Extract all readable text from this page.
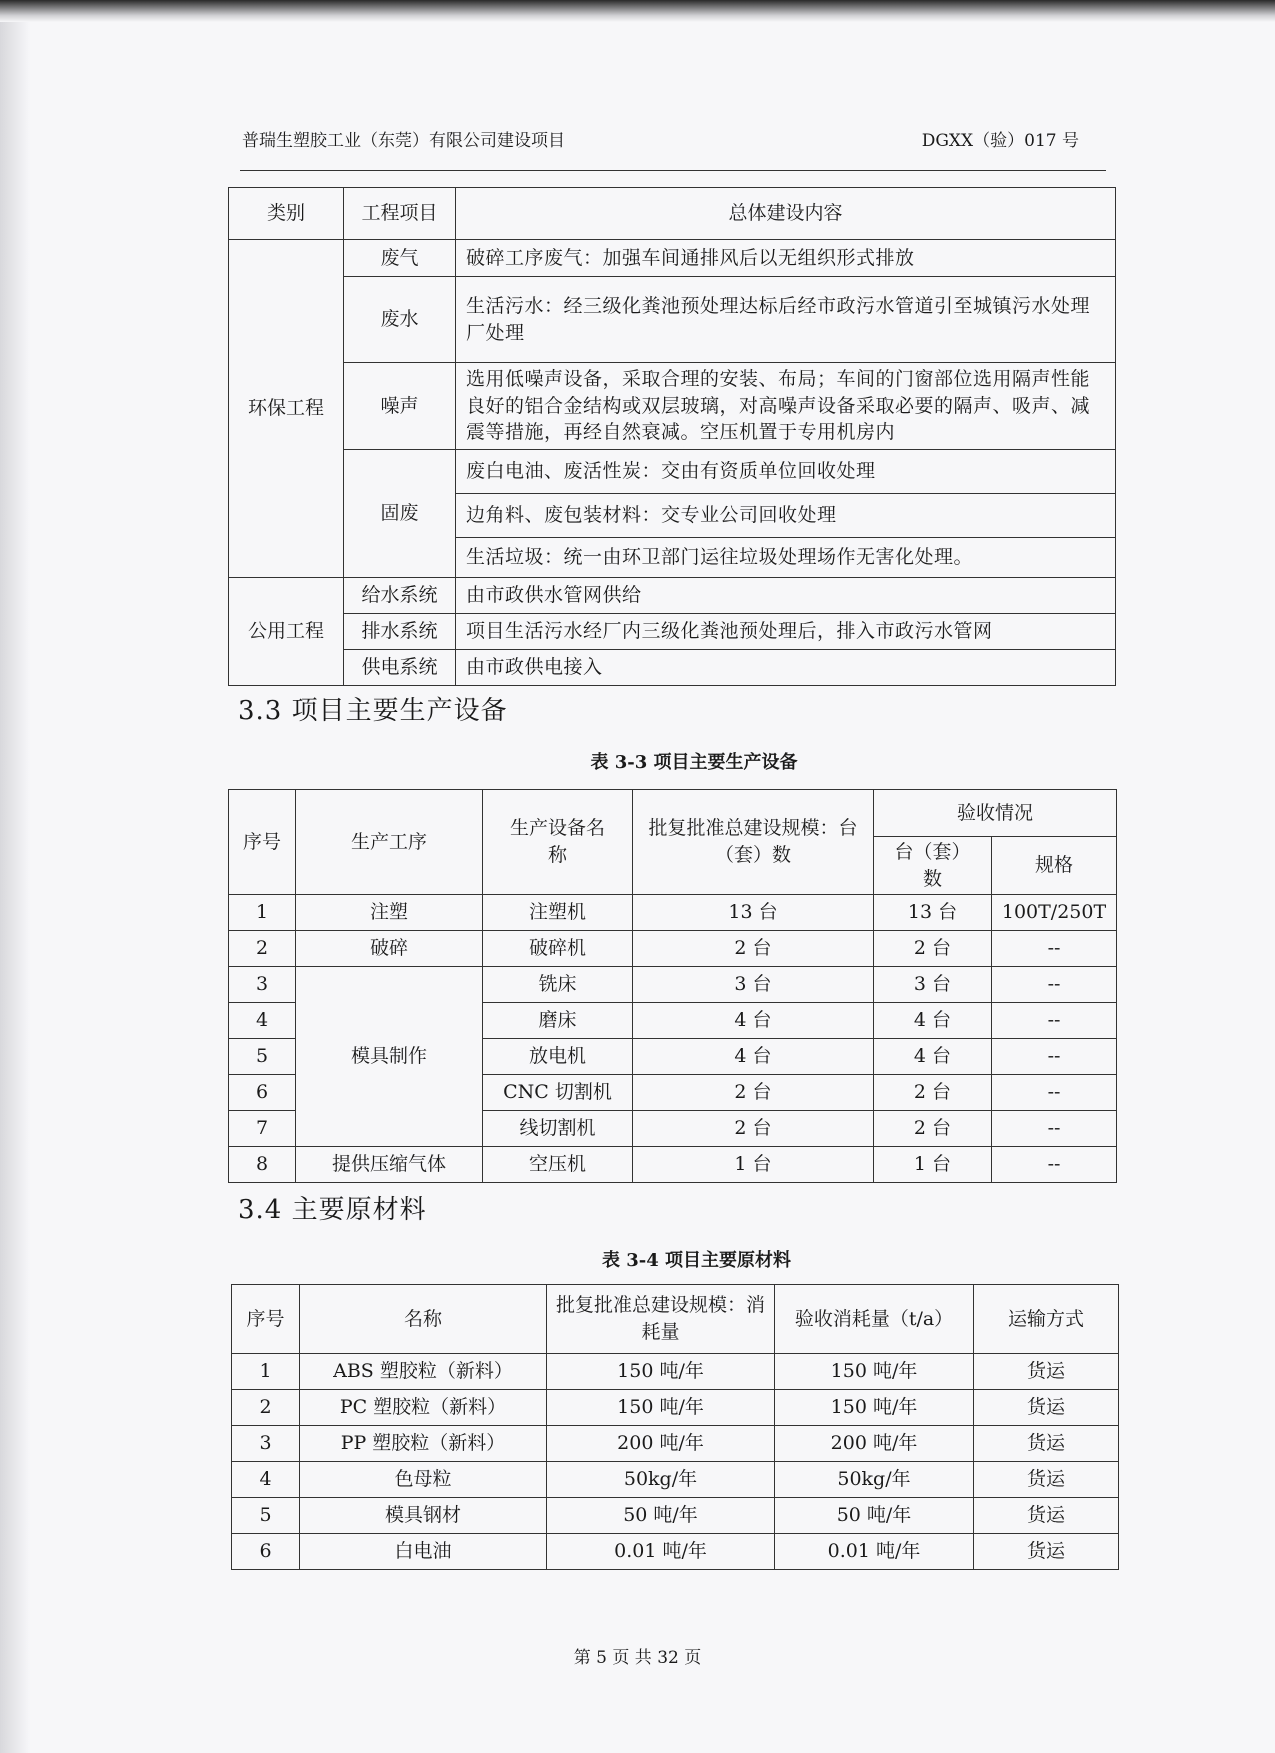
普瑞生塑胶工业（东莞）有限公司建设项目	DGXX（验）017 号
类别	工程项目	总体建设内容
环保工程	废气	破碎工序废气：加强车间通排风后以无组织形式排放
	废水	生活污水：经三级化粪池预处理达标后经市政污水管道引至城镇污水处理厂处理
	噪声	选用低噪声设备，采取合理的安装、布局；车间的门窗部位选用隔声性能良好的铝合金结构或双层玻璃，对高噪声设备采取必要的隔声、吸声、减震等措施，再经自然衰减。空压机置于专用机房内
	固废	废白电油、废活性炭：交由有资质单位回收处理
		边角料、废包装材料：交专业公司回收处理
		生活垃圾：统一由环卫部门运往垃圾处理场作无害化处理。
公用工程	给水系统	由市政供水管网供给
	排水系统	项目生活污水经厂内三级化粪池预处理后，排入市政污水管网
	供电系统	由市政供电接入
3.3 项目主要生产设备
表 3-3 项目主要生产设备
序号	生产工序	生产设备名称	批复批准总建设规模：台（套）数	验收情况	
				台（套）数	规格
1	注塑	注塑机	13 台	13 台	100T/250T
2	破碎	破碎机	2 台	2 台	--
3	模具制作	铣床	3 台	3 台	--
4		磨床	4 台	4 台	--
5		放电机	4 台	4 台	--
6		CNC 切割机	2 台	2 台	--
7		线切割机	2 台	2 台	--
8	提供压缩气体	空压机	1 台	1 台	--
3.4 主要原材料
表 3-4 项目主要原材料
序号	名称	批复批准总建设规模：消耗量	验收消耗量（t/a）	运输方式
1	ABS 塑胶粒（新料）	150 吨/年	150 吨/年	货运
2	PC 塑胶粒（新料）	150 吨/年	150 吨/年	货运
3	PP 塑胶粒（新料）	200 吨/年	200 吨/年	货运
4	色母粒	50kg/年	50kg/年	货运
5	模具钢材	50 吨/年	50 吨/年	货运
6	白电油	0.01 吨/年	0.01 吨/年	货运
第 5 页 共 32 页
